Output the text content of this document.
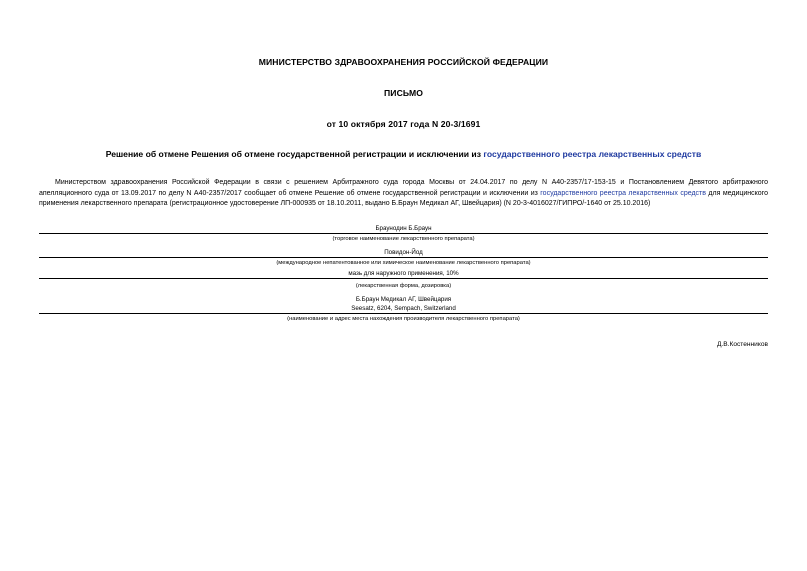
МИНИСТЕРСТВО ЗДРАВООХРАНЕНИЯ РОССИЙСКОЙ ФЕДЕРАЦИИ
ПИСЬМО
от 10 октября 2017 года N 20-3/1691
Решение об отмене Решения об отмене государственной регистрации и исключении из государственного реестра лекарственных средств

Министерством здравоохранения Российской Федерации в связи с решением Арбитражного суда города Москвы от 24.04.2017 по делу N А40-2357/17-153-15 и Постановлением Девятого арбитражного апелляционного суда от 13.09.2017 по делу N А40-2357/2017 сообщает об отмене Решение об отмене государственной регистрации и исключении из государственного реестра лекарственных средств для медицинского применения лекарственного препарата (регистрационное удостоверение ЛП-000935 от 18.10.2011, выдано Б.Браун Медикал АГ, Швейцария) (N 20-3-4016027/ГИПРО/-1640 от 25.10.2016)

Браунодин Б.Браун
(торговое наименование лекарственного препарата)
Повидон-Йод
(международное непатентованное или химическое наименование лекарственного препарата)
мазь для наружного применения, 10%
(лекарственная форма, дозировка)
Б.Браун Медикал АГ, Швейцария
Seesatz, 6204, Sempach, Switzerland
(наименование и адрес места нахождения производителя лекарственного препарата)
Д.В.Костенников
